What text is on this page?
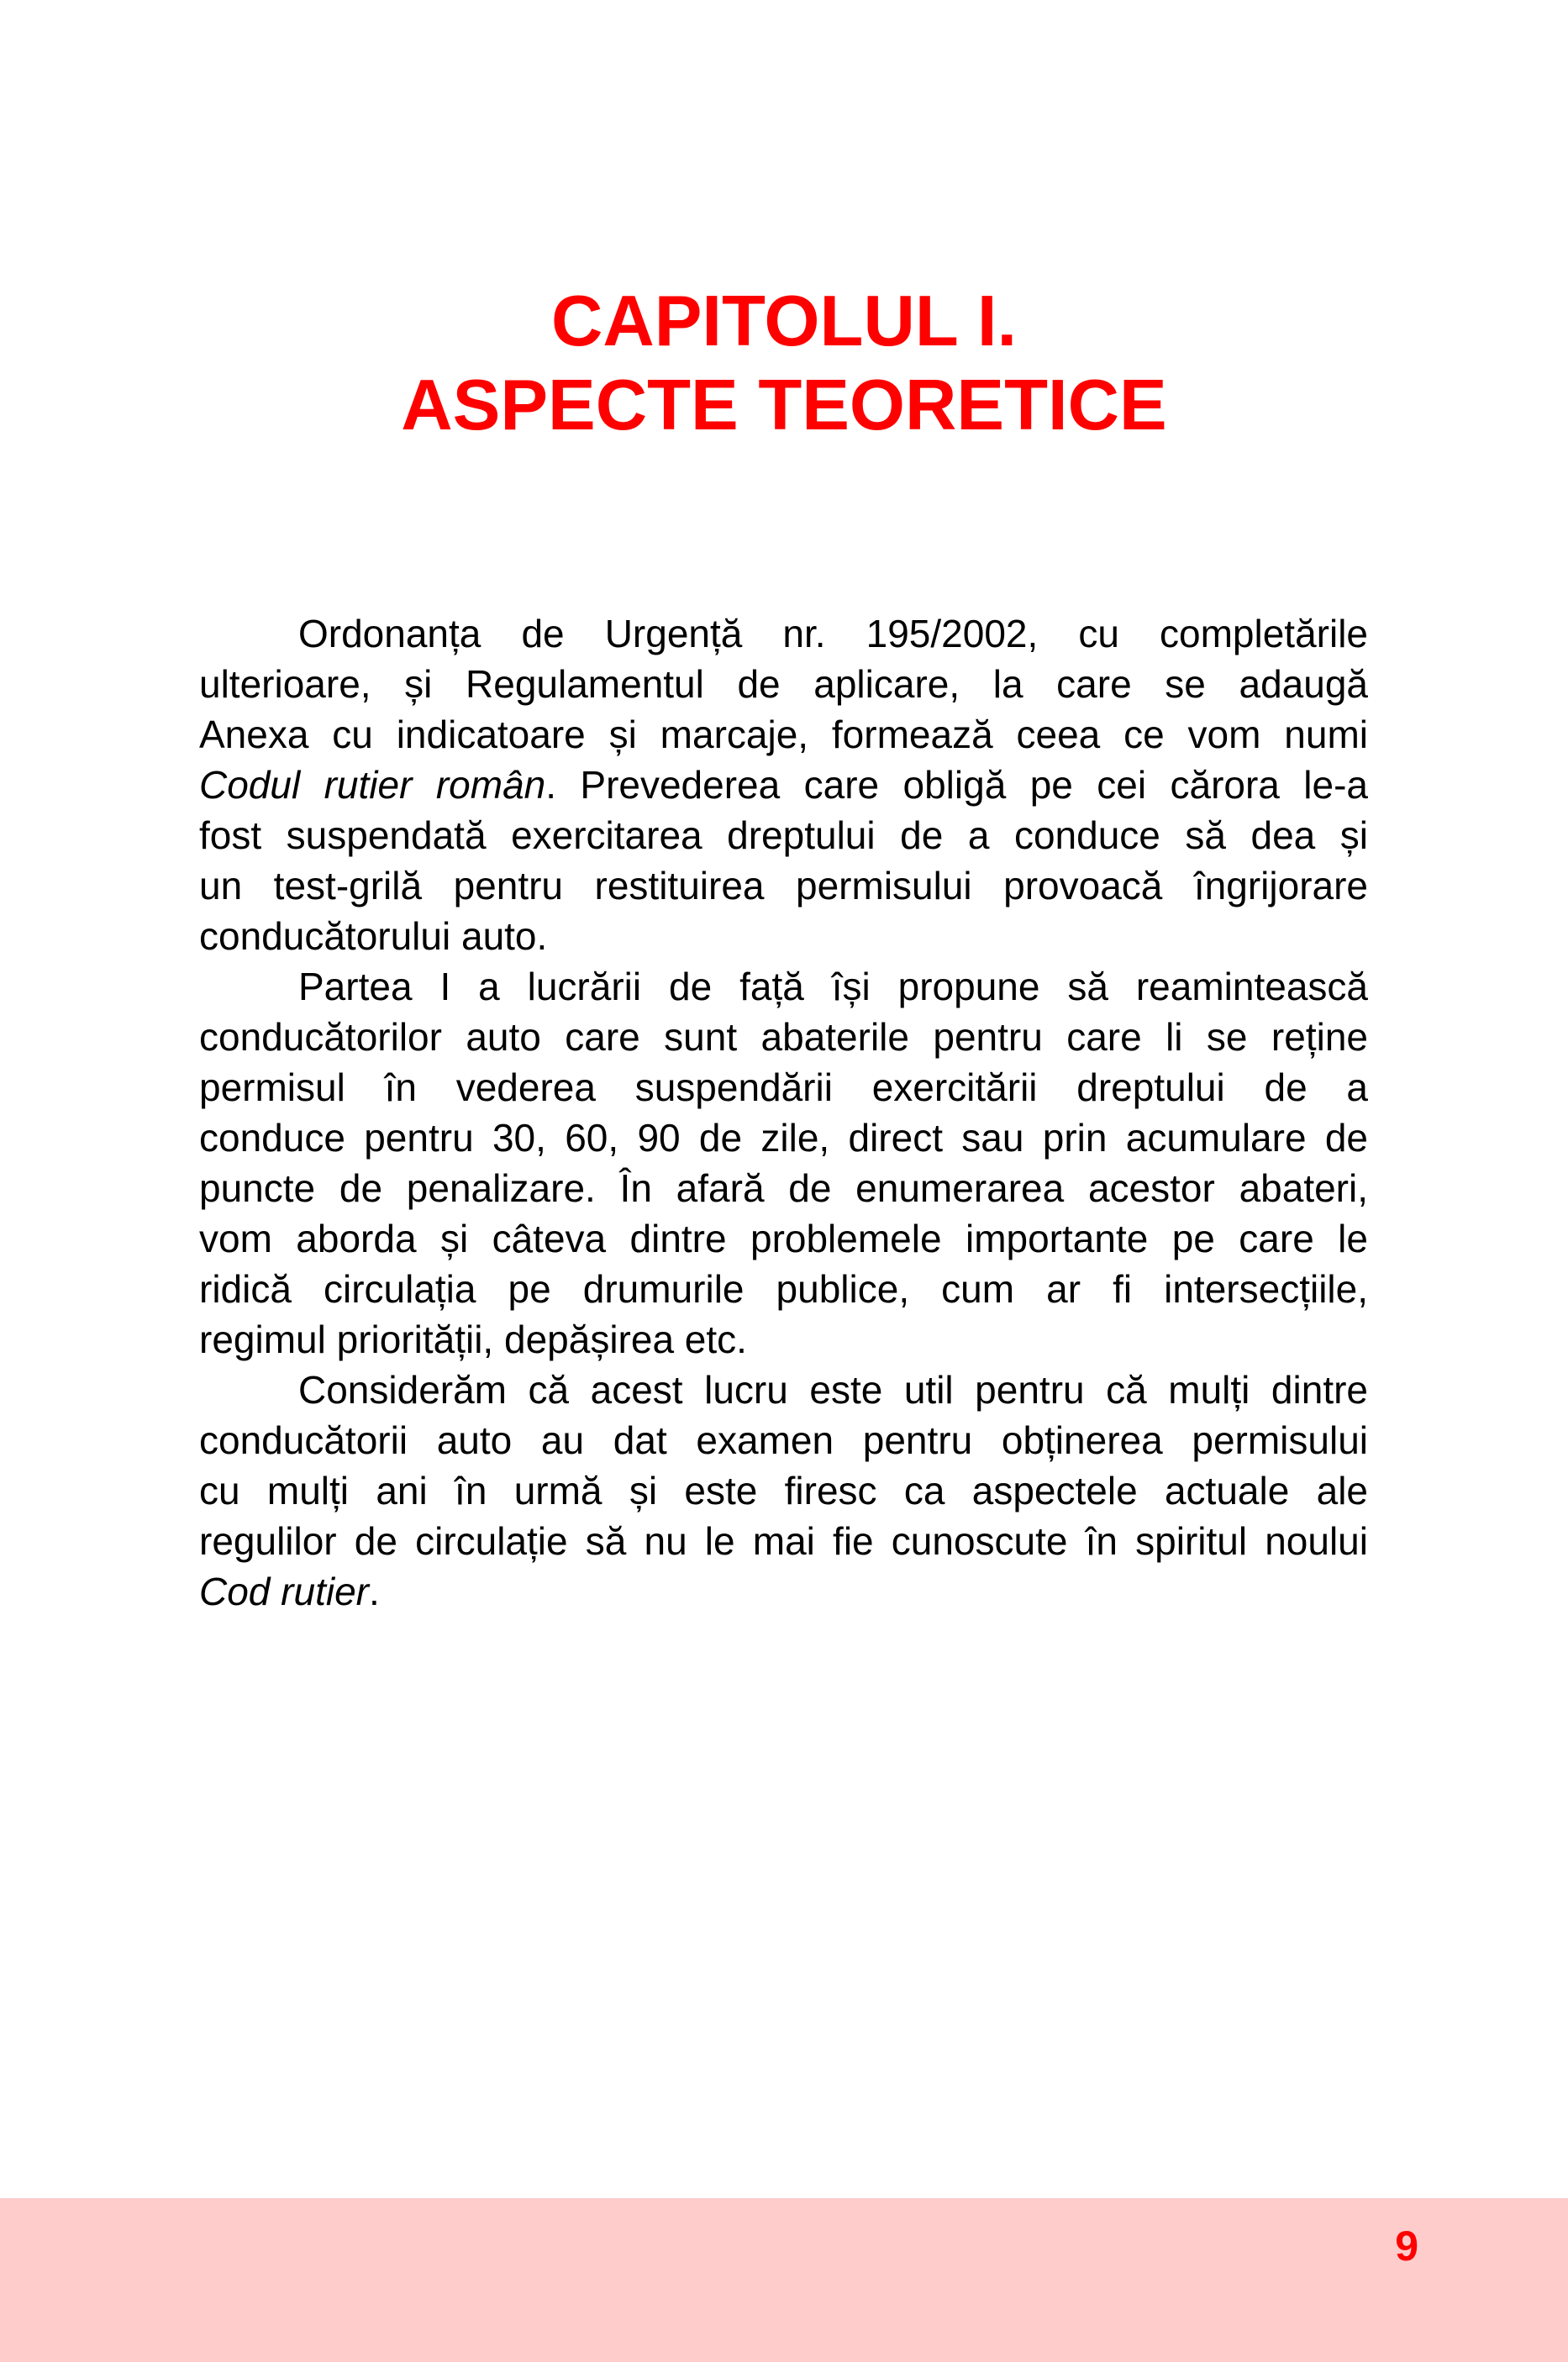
CAPITOLUL I.
ASPECTE TEORETICE
Ordonanța de Urgență nr. 195/2002, cu completările
ulterioare, și Regulamentul de aplicare, la care se adaugă
Anexa cu indicatoare și marcaje, formează ceea ce vom numi
Codul rutier român. Prevederea care obligă pe cei cărora le-a
fost suspendată exercitarea dreptului de a conduce să dea și
un test-grilă pentru restituirea permisului provoacă îngrijorare
conducătorului auto.
Partea I a lucrării de față își propune să reamintească
conducătorilor auto care sunt abaterile pentru care li se reține
permisul în vederea suspendării exercitării dreptului de a
conduce pentru 30, 60, 90 de zile, direct sau prin acumulare de
puncte de penalizare. În afară de enumerarea acestor abateri,
vom aborda și câteva dintre problemele importante pe care le
ridică circulația pe drumurile publice, cum ar fi intersecțiile,
regimul priorității, depășirea etc.
Considerăm că acest lucru este util pentru că mulți dintre
conducătorii auto au dat examen pentru obținerea permisului
cu mulți ani în urmă și este firesc ca aspectele actuale ale
regulilor de circulație să nu le mai fie cunoscute în spiritul noului
Cod rutier.
9
